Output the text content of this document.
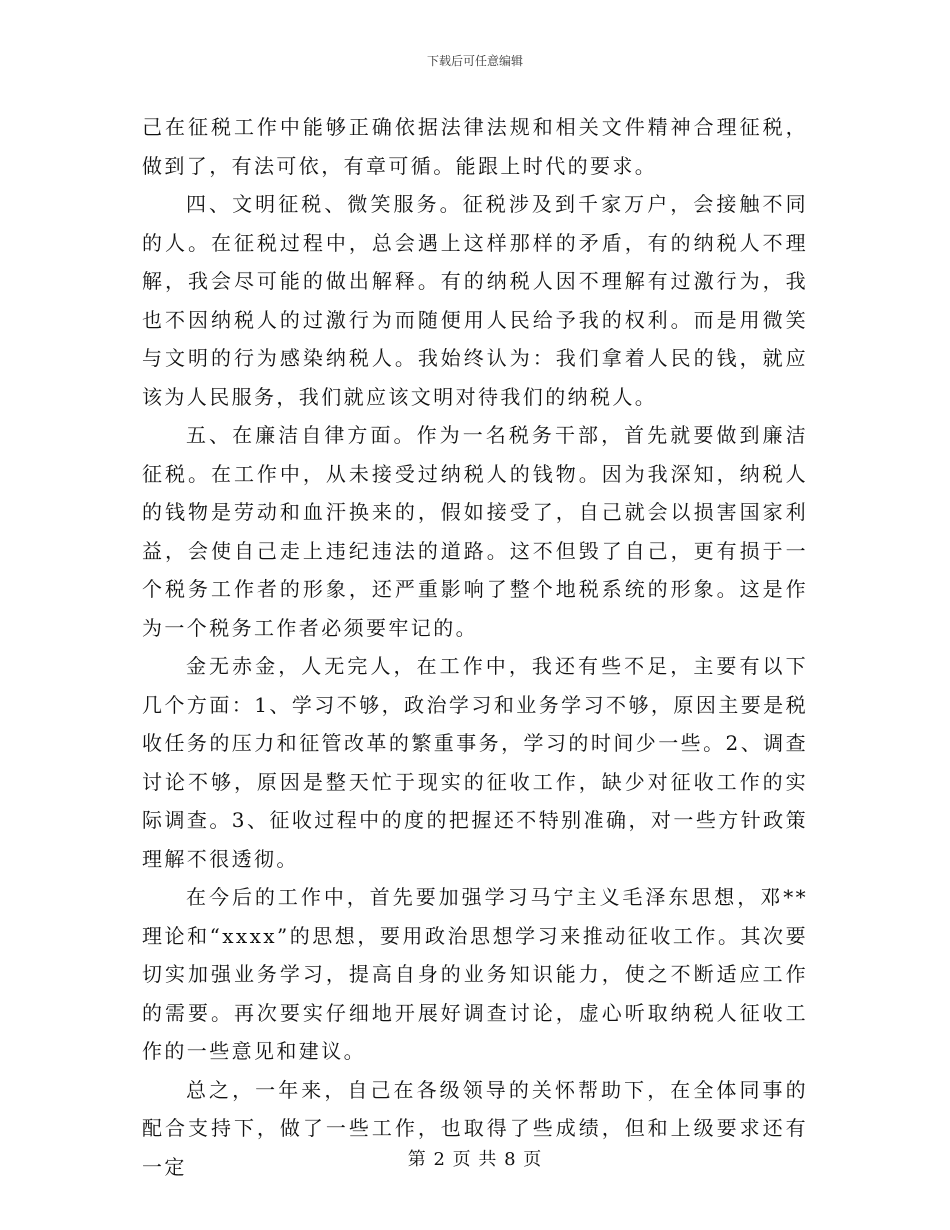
下载后可任意编辑

己在征税工作中能够正确依据法律法规和相关文件精神合理征税，做到了，有法可依，有章可循。能跟上时代的要求。

四、文明征税、微笑服务。征税涉及到千家万户，会接触不同的人。在征税过程中，总会遇上这样那样的矛盾，有的纳税人不理解，我会尽可能的做出解释。有的纳税人因不理解有过激行为，我也不因纳税人的过激行为而随便用人民给予我的权利。而是用微笑与文明的行为感染纳税人。我始终认为：我们拿着人民的钱，就应该为人民服务，我们就应该文明对待我们的纳税人。

五、在廉洁自律方面。作为一名税务干部，首先就要做到廉洁征税。在工作中，从未接受过纳税人的钱物。因为我深知，纳税人的钱物是劳动和血汗换来的，假如接受了，自己就会以损害国家利益，会使自己走上违纪违法的道路。这不但毁了自己，更有损于一个税务工作者的形象，还严重影响了整个地税系统的形象。这是作为一个税务工作者必须要牢记的。

金无赤金，人无完人，在工作中，我还有些不足，主要有以下几个方面：1、学习不够，政治学习和业务学习不够，原因主要是税收任务的压力和征管改革的繁重事务，学习的时间少一些。2、调查讨论不够，原因是整天忙于现实的征收工作，缺少对征收工作的实际调查。3、征收过程中的度的把握还不特别准确，对一些方针政策理解不很透彻。

在今后的工作中，首先要加强学习马宁主义毛泽东思想，邓**理论和“xxxx”的思想，要用政治思想学习来推动征收工作。其次要切实加强业务学习，提高自身的业务知识能力，使之不断适应工作的需要。再次要实仔细地开展好调查讨论，虚心听取纳税人征收工作的一些意见和建议。

总之，一年来，自己在各级领导的关怀帮助下，在全体同事的配合支持下，做了一些工作，也取得了些成绩，但和上级要求还有一定	第 2 页 共 8 页
